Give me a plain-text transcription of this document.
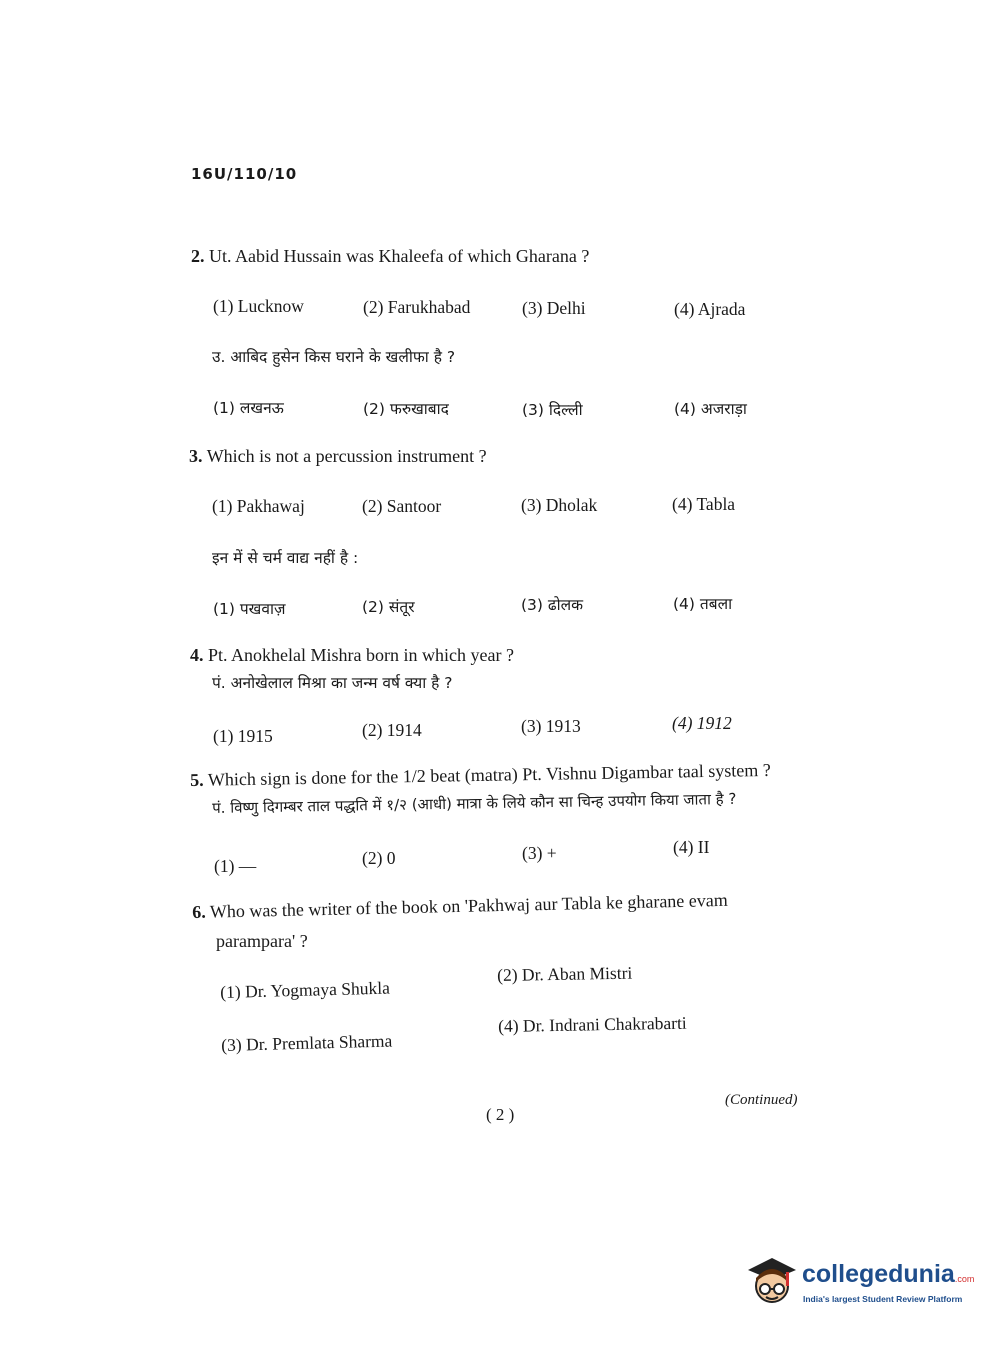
16U/110/10
2. Ut. Aabid Hussain was Khaleefa of which Gharana ?
(1) Lucknow	(2) Farukhabad	(3) Delhi	(4) Ajrada
उ. आबिद हुसेन किस घराने के खलीफा है ?
(1) लखनऊ	(2) फरुखाबाद	(3) दिल्ली	(4) अजराड़ा
3. Which is not a percussion instrument ?
(1) Pakhawaj	(2) Santoor	(3) Dholak	(4) Tabla
इन में से चर्म वाद्य नहीं है :
(1) पखवाज़	(2) संतूर	(3) ढोलक	(4) तबला
4. Pt. Anokhelal Mishra born in which year ?
पं. अनोखेलाल मिश्रा का जन्म वर्ष क्या है ?
(1) 1915	(2) 1914	(3) 1913	(4) 1912
5. Which sign is done for the 1/2 beat (matra) Pt. Vishnu Digambar taal system ?
पं. विष्णु दिगम्बर ताल पद्धति में १/२ (आधी) मात्रा के लिये कौन सा चिन्ह उपयोग किया जाता है ?
(1) —	(2) 0	(3) +	(4) II
6. Who was the writer of the book on 'Pakhwaj aur Tabla ke gharane evam
parampara' ?
(1) Dr. Yogmaya Shukla
(2) Dr. Aban Mistri
(3) Dr. Premlata Sharma
(4) Dr. Indrani Chakrabarti
( 2 )
(Continued)
collegedunia.com
India's largest Student Review Platform
